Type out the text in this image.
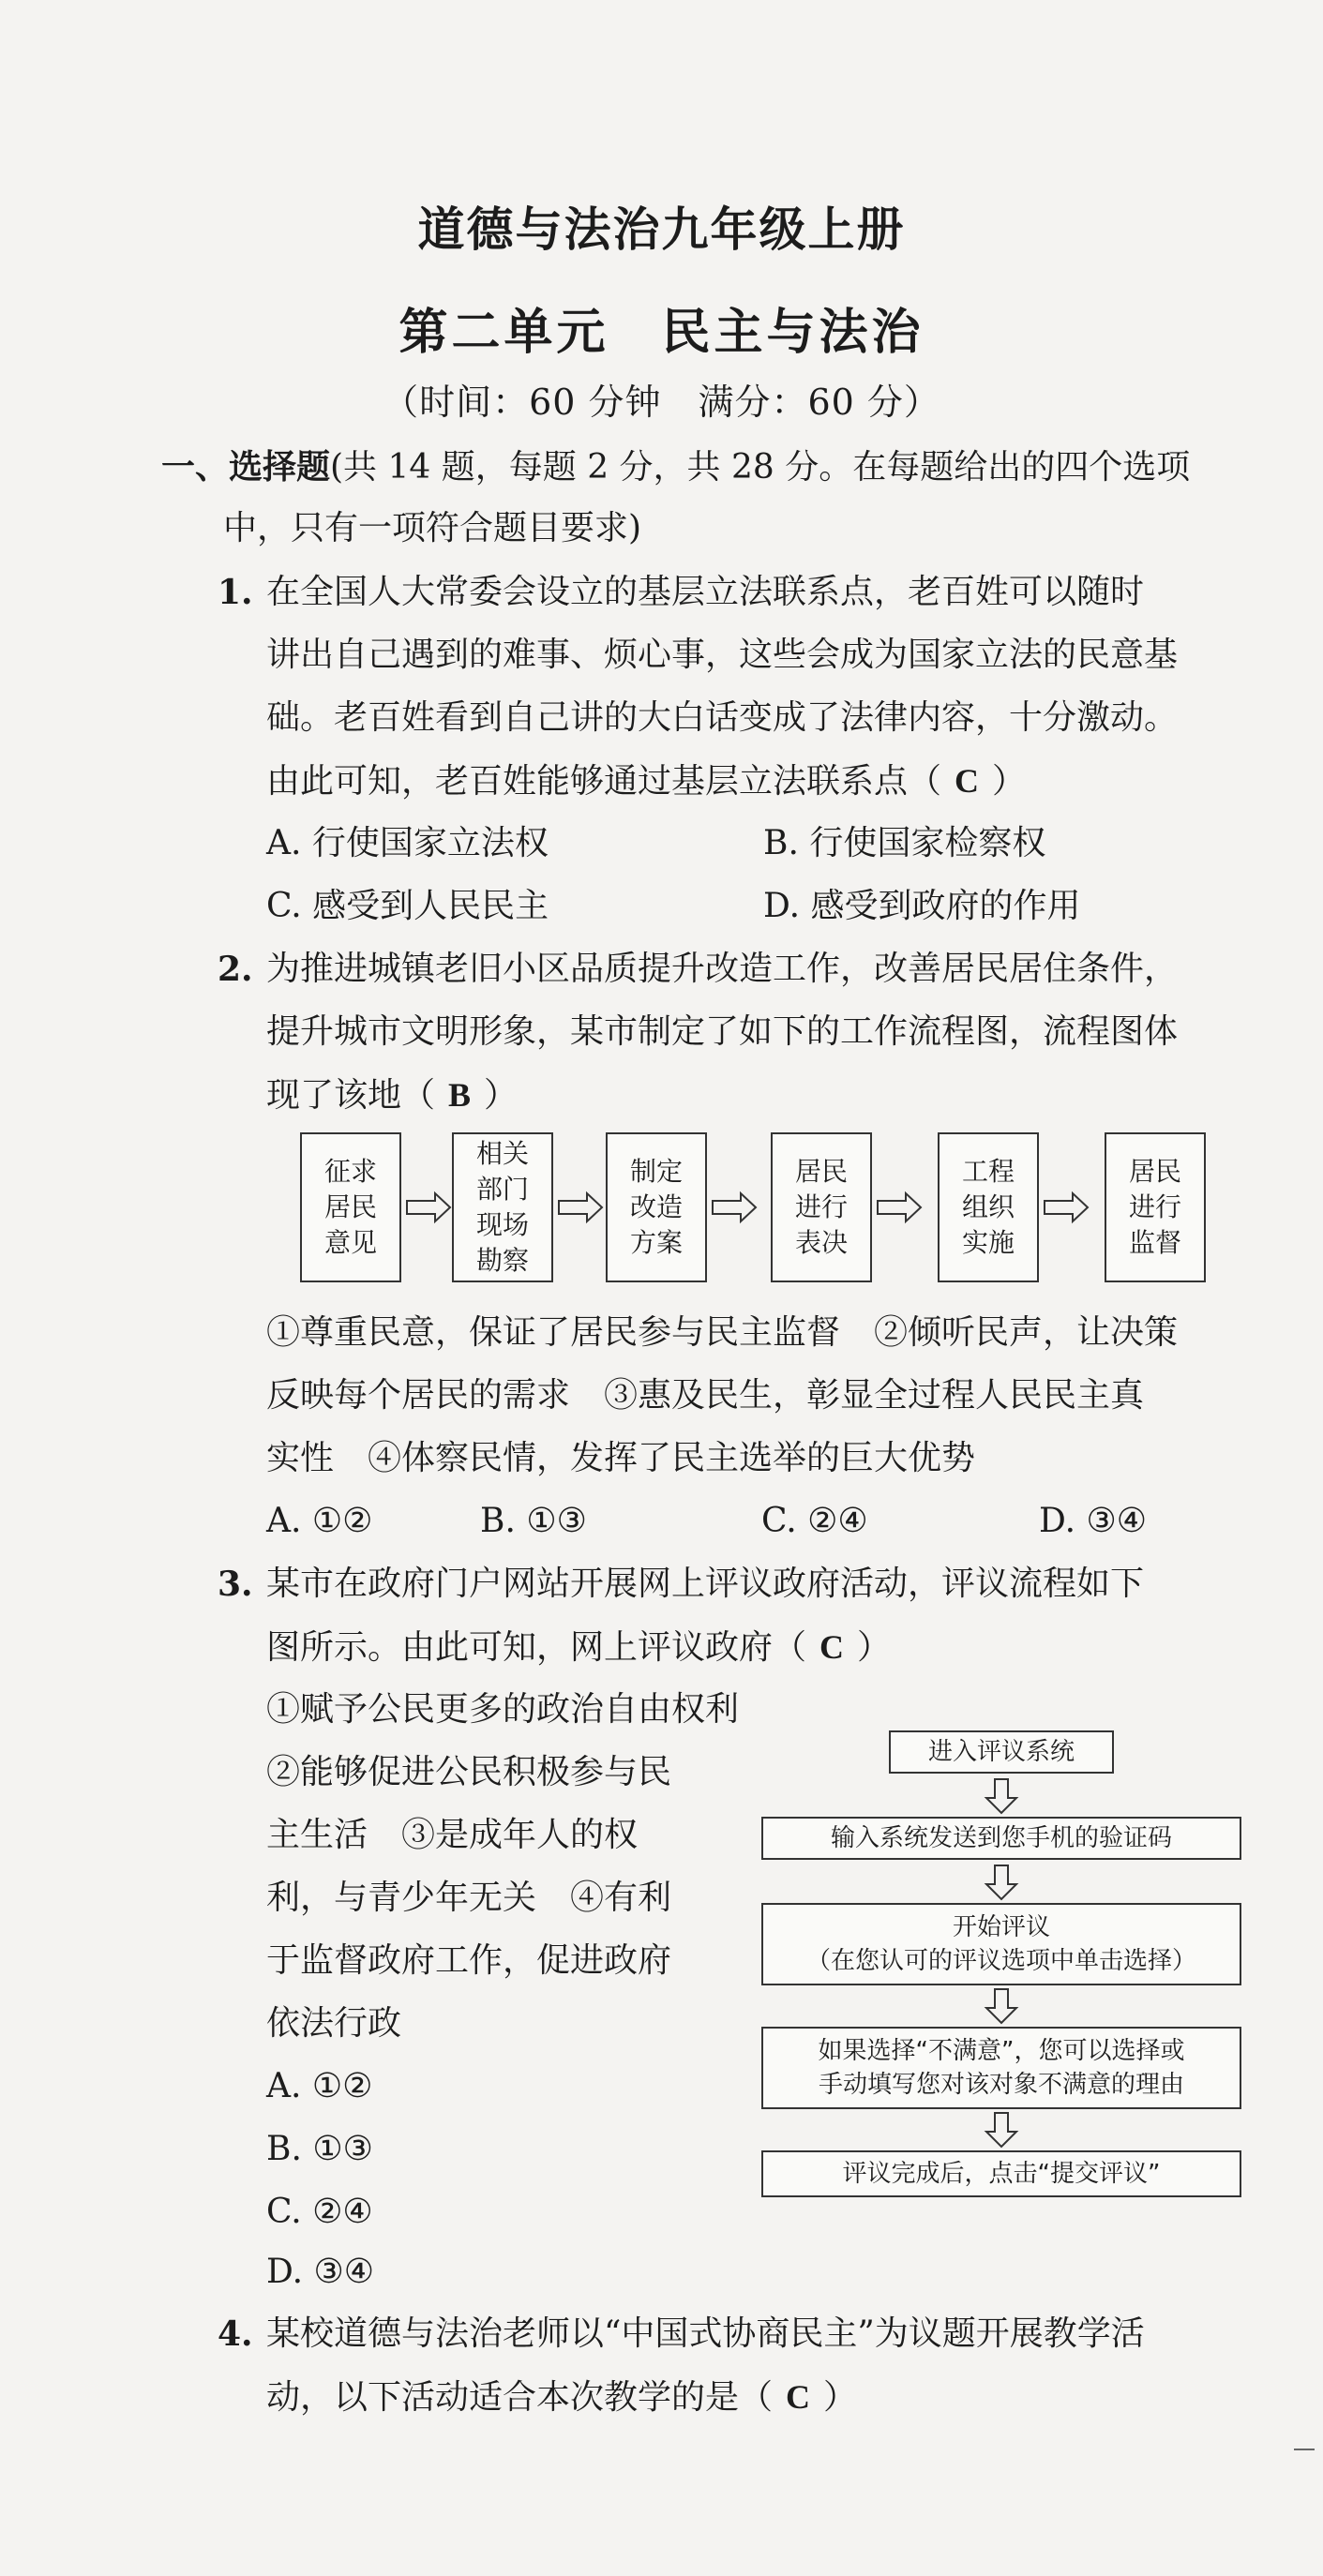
道德与法治九年级上册
第二单元　民主与法治
（时间：60 分钟　满分：60 分）
一、选择题(共 14 题，每题 2 分，共 28 分。在每题给出的四个选项
中，只有一项符合题目要求)
1. 在全国人大常委会设立的基层立法联系点，老百姓可以随时
讲出自己遇到的难事、烦心事，这些会成为国家立法的民意基
础。老百姓看到自己讲的大白话变成了法律内容，十分激动。
由此可知，老百姓能够通过基层立法联系点（ C ）
A. 行使国家立法权	B. 行使国家检察权
C. 感受到人民民主	D. 感受到政府的作用
2. 为推进城镇老旧小区品质提升改造工作，改善居民居住条件，
提升城市文明形象，某市制定了如下的工作流程图，流程图体
现了该地（ B ）
征求
居民
意见
相关
部门
现场
勘察
制定
改造
方案
居民
进行
表决
工程
组织
实施
居民
进行
监督
①尊重民意，保证了居民参与民主监督　②倾听民声，让决策
反映每个居民的需求　③惠及民生，彰显全过程人民民主真
实性　④体察民情，发挥了民主选举的巨大优势
A. ①②	B. ①③	C. ②④	D. ③④
3. 某市在政府门户网站开展网上评议政府活动，评议流程如下
图所示。由此可知，网上评议政府（ C ）
①赋予公民更多的政治自由权利
②能够促进公民积极参与民
主生活　③是成年人的权
利，与青少年无关　④有利
于监督政府工作，促进政府
依法行政
A. ①②
B. ①③
C. ②④
D. ③④
进入评议系统
输入系统发送到您手机的验证码
开始评议
（在您认可的评议选项中单击选择）
如果选择“不满意”，您可以选择或
手动填写您对该对象不满意的理由
评议完成后，点击“提交评议”
4. 某校道德与法治老师以“中国式协商民主”为议题开展教学活
动，以下活动适合本次教学的是（ C ）
